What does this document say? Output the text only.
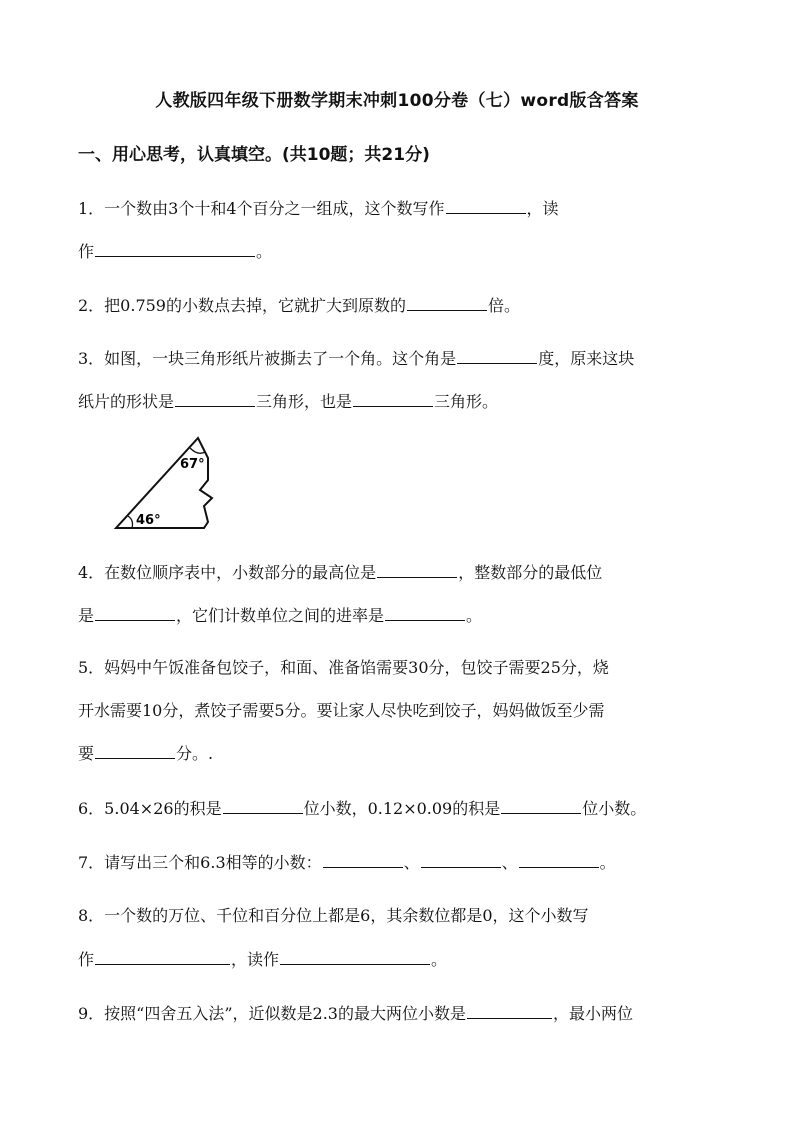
人教版四年级下册数学期末冲刺100分卷（七）word版含答案
一、用心思考，认真填空。(共10题；共21分)
1．一个数由3个十和4个百分之一组成，这个数写作	，读
作	。
2．把0.759的小数点去掉，它就扩大到原数的	倍。
3．如图，一块三角形纸片被撕去了一个角。这个角是	度，原来这块
纸片的形状是	三角形，也是	三角形。
67°
46°
4．在数位顺序表中，小数部分的最高位是	，整数部分的最低位
是	，它们计数单位之间的进率是	。
5．妈妈中午饭准备包饺子，和面、准备馅需要30分，包饺子需要25分，烧
开水需要10分，煮饺子需要5分。要让家人尽快吃到饺子，妈妈做饭至少需
要	分。.
6．5.04×26的积是	位小数，0.12×0.09的积是	位小数。
7．请写出三个和6.3相等的小数：	、	、	。
8．一个数的万位、千位和百分位上都是6，其余数位都是0，这个小数写
作	，读作	。
9．按照“四舍五入法”，近似数是2.3的最大两位小数是	，最小两位
